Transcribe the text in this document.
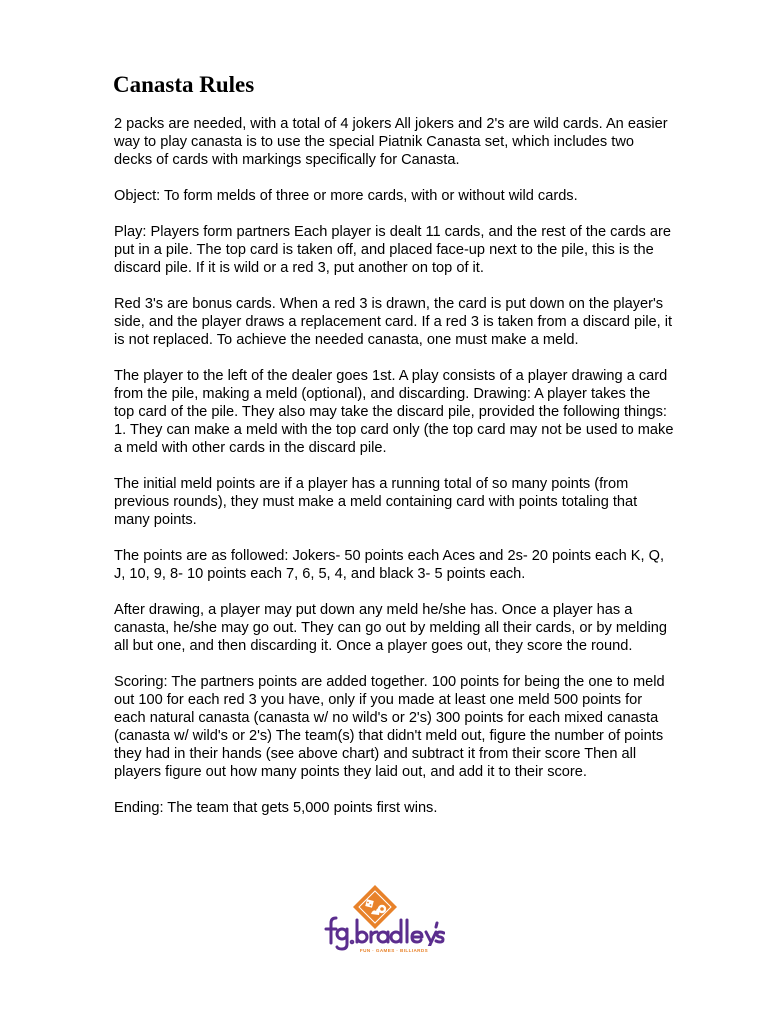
Canasta Rules

2 packs are needed, with a total of 4 jokers All jokers and 2's are wild cards. An easier way to play canasta is to use the special Piatnik Canasta set, which includes two decks of cards with markings specifically for Canasta.

Object: To form melds of three or more cards, with or without wild cards.

Play: Players form partners Each player is dealt 11 cards, and the rest of the cards are put in a pile. The top card is taken off, and placed face-up next to the pile, this is the discard pile. If it is wild or a red 3, put another on top of it.

Red 3's are bonus cards. When a red 3 is drawn, the card is put down on the player's side, and the player draws a replacement card. If a red 3 is taken from a discard pile, it is not replaced. To achieve the needed canasta, one must make a meld.

The player to the left of the dealer goes 1st. A play consists of a player drawing a card from the pile, making a meld (optional), and discarding. Drawing: A player takes the top card of the pile. They also may take the discard pile, provided the following things: 1. They can make a meld with the top card only (the top card may not be used to make a meld with other cards in the discard pile.

The initial meld points are if a player has a running total of so many points (from previous rounds), they must make a meld containing card with points totaling that many points.

The points are as followed: Jokers- 50 points each Aces and 2s- 20 points each K, Q, J, 10, 9, 8- 10 points each 7, 6, 5, 4, and black 3- 5 points each.

After drawing, a player may put down any meld he/she has. Once a player has a canasta, he/she may go out. They can go out by melding all their cards, or by melding all but one, and then discarding it. Once a player goes out, they score the round.

Scoring: The partners points are added together. 100 points for being the one to meld out 100 for each red 3 you have, only if you made at least one meld 500 points for each natural canasta (canasta w/ no wild's or 2's) 300 points for each mixed canasta (canasta w/ wild's or 2's) The team(s) that didn't meld out, figure the number of points they had in their hands (see above chart) and subtract it from their score Then all players figure out how many points they laid out, and add it to their score.

Ending: The team that gets 5,000 points first wins.

FUN · GAMES · BILLIARDS
